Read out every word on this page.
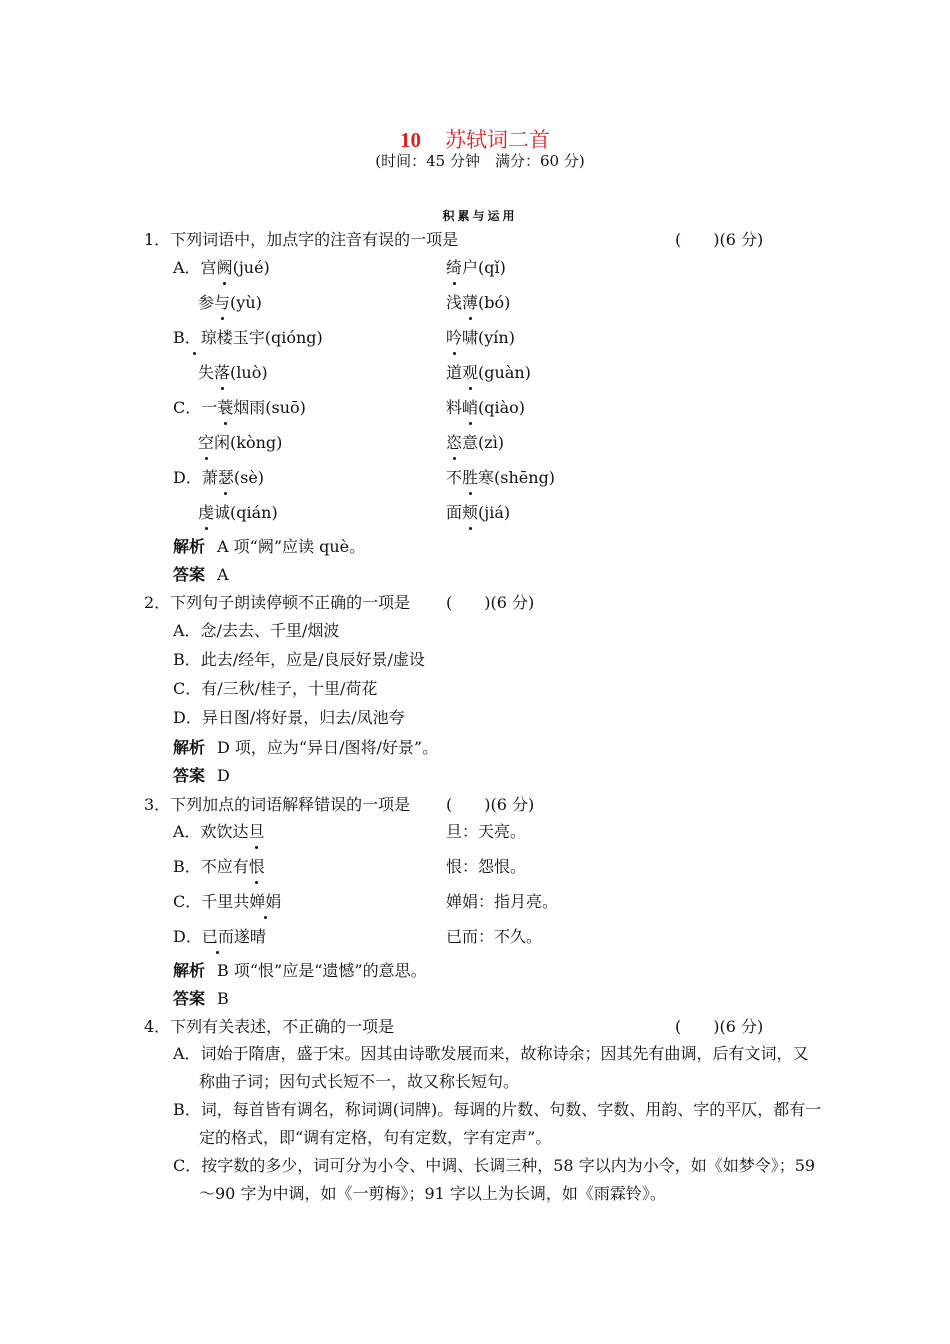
10 苏轼词二首
(时间：45 分钟　满分：60 分)
积累与运用
1．下列词语中，加点字的注音有误的一项是	(　　)(6 分)
A．宫阙(jué)	绮户(qǐ)
参与(yù)	浅薄(bó)
B．琼楼玉宇(qióng)	吟啸(yín)
失落(luò)	道观(guàn)
C．一蓑烟雨(suō)	料峭(qiào)
空闲(kòng)	恣意(zì)
D．萧瑟(sè)	不胜寒(shēng)
虔诚(qián)	面颊(jiá)
解析 A 项“阙”应读 què。
答案 A
2．下列句子朗读停顿不正确的一项是 (　　)(6 分)
A．念/去去、千里/烟波
B．此去/经年，应是/良辰好景/虚设
C．有/三秋/桂子，十里/荷花
D．异日图/将好景，归去/凤池夸
解析 D 项，应为“异日/图将/好景”。
答案 D
3．下列加点的词语解释错误的一项是 (　　)(6 分)
A．欢饮达旦	旦：天亮。
B．不应有恨	恨：怨恨。
C．千里共婵娟	婵娟：指月亮。
D．已而遂晴	已而：不久。
解析 B 项“恨”应是“遗憾”的意思。
答案 B
4．下列有关表述，不正确的一项是	(　　)(6 分)
A．词始于隋唐，盛于宋。因其由诗歌发展而来，故称诗余；因其先有曲调，后有文词，又称曲子词；因句式长短不一，故又称长短句。
B．词，每首皆有调名，称词调(词牌)。每调的片数、句数、字数、用韵、字的平仄，都有一定的格式，即“调有定格，句有定数，字有定声”。
C．按字数的多少，词可分为小令、中调、长调三种，58 字以内为小令，如《如梦令》；59～90 字为中调，如《一剪梅》；91 字以上为长调，如《雨霖铃》。
